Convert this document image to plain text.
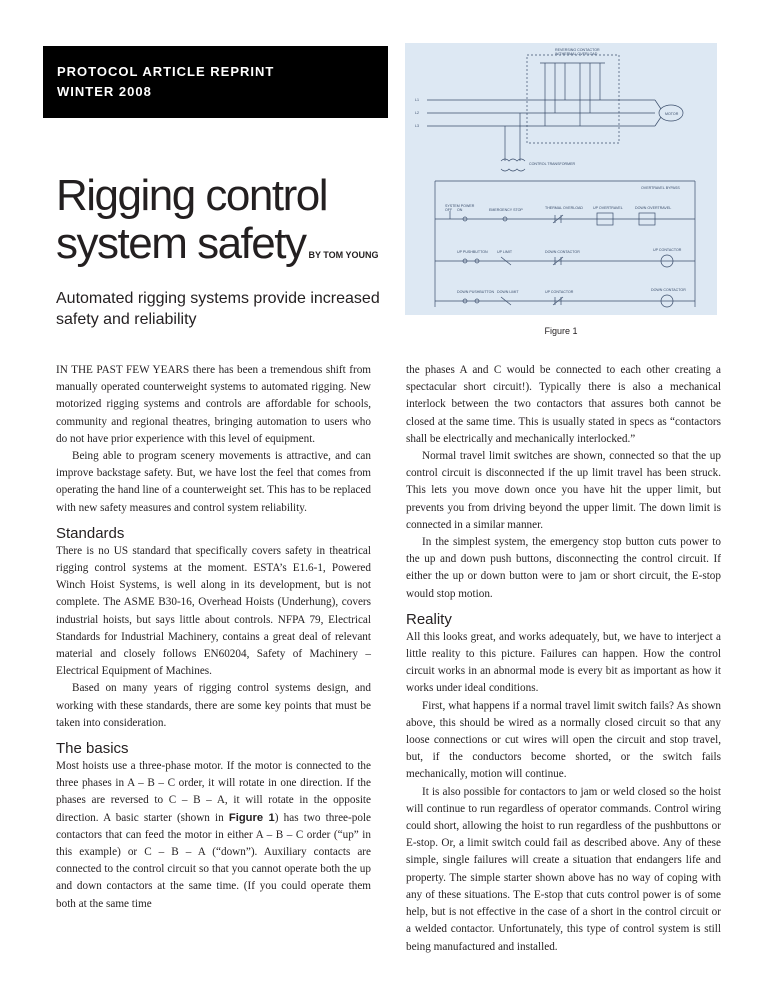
PROTOCOL ARTICLE REPRINT
WINTER 2008
Rigging control
system safety BY TOM YOUNG
Automated rigging systems provide increased safety and reliability
REVERSING CONTACTOR
W/THERMAL OVERLOAD
MOTOR
L1
L2
L3
CONTROL TRANSFORMER
SYSTEM POWER
OFF ON	EMERGENCY STOP	THERMAL OVERLOAD	UP OVERTRAVEL	DOWN OVERTRAVEL
OVERTRAVEL BYPASS
UP PUSHBUTTON	UP LIMIT	DOWN CONTACTOR	UP CONTACTOR
DOWN PUSHBUTTON DOWN LIMIT	UP CONTACTOR	DOWN CONTACTOR
Figure 1

IN THE PAST FEW YEARS there has been a tremendous shift from manually operated counterweight systems to automated rigging. New motorized rigging systems and controls are affordable for schools, community and regional theatres, bringing automation to users who do not have prior experience with this level of equipment.

Being able to program scenery movements is attractive, and can improve backstage safety. But, we have lost the feel that comes from operating the hand line of a counterweight set. This has to be replaced with new safety measures and control system reliability.

Standards

There is no US standard that specifically covers safety in theatrical rigging control systems at the moment. ESTA’s E1.6-1, Powered Winch Hoist Systems, is well along in its development, but is not complete. The ASME B30-16, Overhead Hoists (Underhung), covers industrial hoists, but says little about controls. NFPA 79, Electrical Standards for Industrial Machinery, contains a great deal of relevant material and closely follows EN60204, Safety of Machinery – Electrical Equipment of Machines.

Based on many years of rigging control systems design, and working with these standards, there are some key points that must be taken into consideration.

The basics

Most hoists use a three-phase motor. If the motor is connected to the three phases in A – B – C order, it will rotate in one direction. If the phases are reversed to C – B – A, it will rotate in the opposite direction. A basic starter (shown in Figure 1) has two three-pole contactors that can feed the motor in either A – B – C order (“up” in this example) or C – B – A (“down”). Auxiliary contacts are connected to the control circuit so that you cannot operate both the up and down contactors at the same time. (If you could operate them both at the same time

the phases A and C would be connected to each other creating a spectacular short circuit!). Typically there is also a mechanical interlock between the two contactors that assures both cannot be closed at the same time. This is usually stated in specs as “contactors shall be electrically and mechanically interlocked.”

Normal travel limit switches are shown, connected so that the up control circuit is disconnected if the up limit travel has been struck. This lets you move down once you have hit the upper limit, but prevents you from driving beyond the upper limit. The down limit is connected in a similar manner.

In the simplest system, the emergency stop button cuts power to the up and down push buttons, disconnecting the control circuit. If either the up or down button were to jam or short circuit, the E-stop would stop motion.

Reality

All this looks great, and works adequately, but, we have to interject a little reality to this picture. Failures can happen. How the control circuit works in an abnormal mode is every bit as important as how it works under ideal conditions.

First, what happens if a normal travel limit switch fails? As shown above, this should be wired as a normally closed circuit so that any loose connections or cut wires will open the circuit and stop travel, but, if the conductors become shorted, or the switch fails mechanically, motion will continue.

It is also possible for contactors to jam or weld closed so the hoist will continue to run regardless of operator commands. Control wiring could short, allowing the hoist to run regardless of the pushbuttons or E-stop. Or, a limit switch could fail as described above. Any of these simple, single failures will create a situation that endangers life and property. The simple starter shown above has no way of coping with any of these situations. The E-stop that cuts control power is of some help, but is not effective in the case of a short in the control circuit or a welded contactor. Unfortunately, this type of control system is still being manufactured and installed.
